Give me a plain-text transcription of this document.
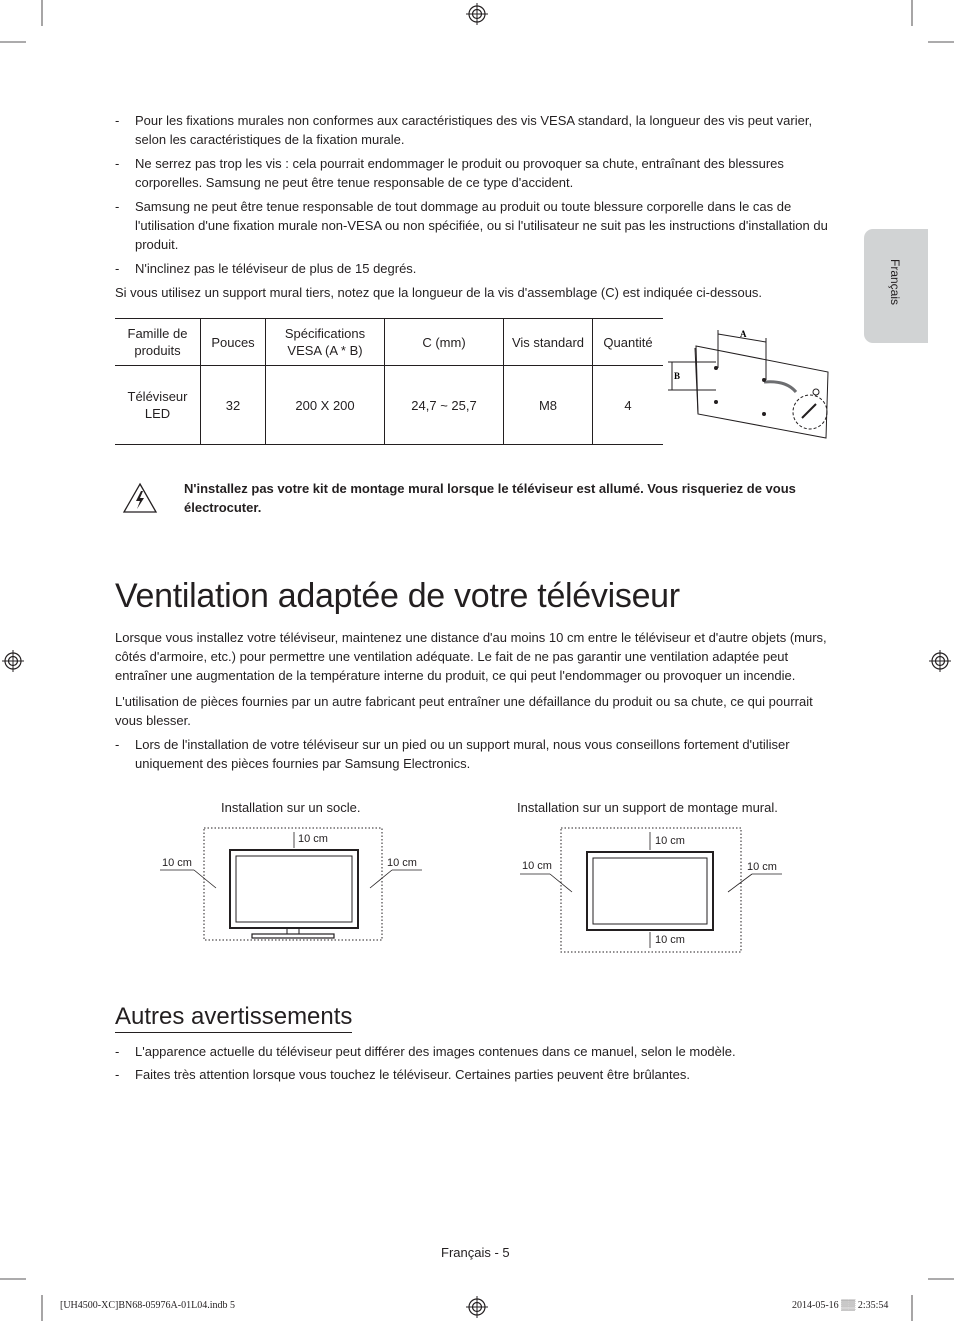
Français
-	Pour les fixations murales non conformes aux caractéristiques des vis VESA standard, la longueur des vis peut varier, selon les caractéristiques de la fixation murale.
-	Ne serrez pas trop les vis : cela pourrait endommager le produit ou provoquer sa chute, entraînant des blessures corporelles. Samsung ne peut être tenue responsable de ce type d'accident.
-	Samsung ne peut être tenue responsable de tout dommage au produit ou toute blessure corporelle dans le cas de l'utilisation d'une fixation murale non-VESA ou non spécifiée, ou si l'utilisateur ne suit pas les instructions d'installation du produit.
-	N'inclinez pas le téléviseur de plus de 15 degrés.
Si vous utilisez un support mural tiers, notez que la longueur de la vis d'assemblage (C) est indiquée ci-dessous.
Famille de produits	Pouces	Spécifications VESA (A * B)	C (mm)	Vis standard	Quantité
Téléviseur LED	32	200 X 200	24,7 ~ 25,7	M8	4
A
B
N'installez pas votre kit de montage mural lorsque le téléviseur est allumé. Vous risqueriez de vous électrocuter.
Ventilation adaptée de votre téléviseur
Lorsque vous installez votre téléviseur, maintenez une distance d'au moins 10 cm entre le téléviseur et d'autre objets (murs, côtés d'armoire, etc.) pour permettre une ventilation adéquate. Le fait de ne pas garantir une ventilation adaptée peut entraîner une augmentation de la température interne du produit, ce qui peut l'endommager ou provoquer un incendie.
L'utilisation de pièces fournies par un autre fabricant peut entraîner une défaillance du produit ou sa chute, ce qui pourrait vous blesser.
-	Lors de l'installation de votre téléviseur sur un pied ou un support mural, nous vous conseillons fortement d'utiliser uniquement des pièces fournies par Samsung Electronics.
Installation sur un socle.
10 cm	10 cm
10 cm
Installation sur un support de montage mural.
10 cm	10 cm
10 cm
10 cm
Autres avertissements
-	L'apparence actuelle du téléviseur peut différer des images contenues dans ce manuel, selon le modèle.
-	Faites très attention lorsque vous touchez le téléviseur. Certaines parties peuvent être brûlantes.
Français - 5
[UH4500-XC]BN68-05976A-01L04.indb 5	2014-05-16 ▒▒ 2:35:54
